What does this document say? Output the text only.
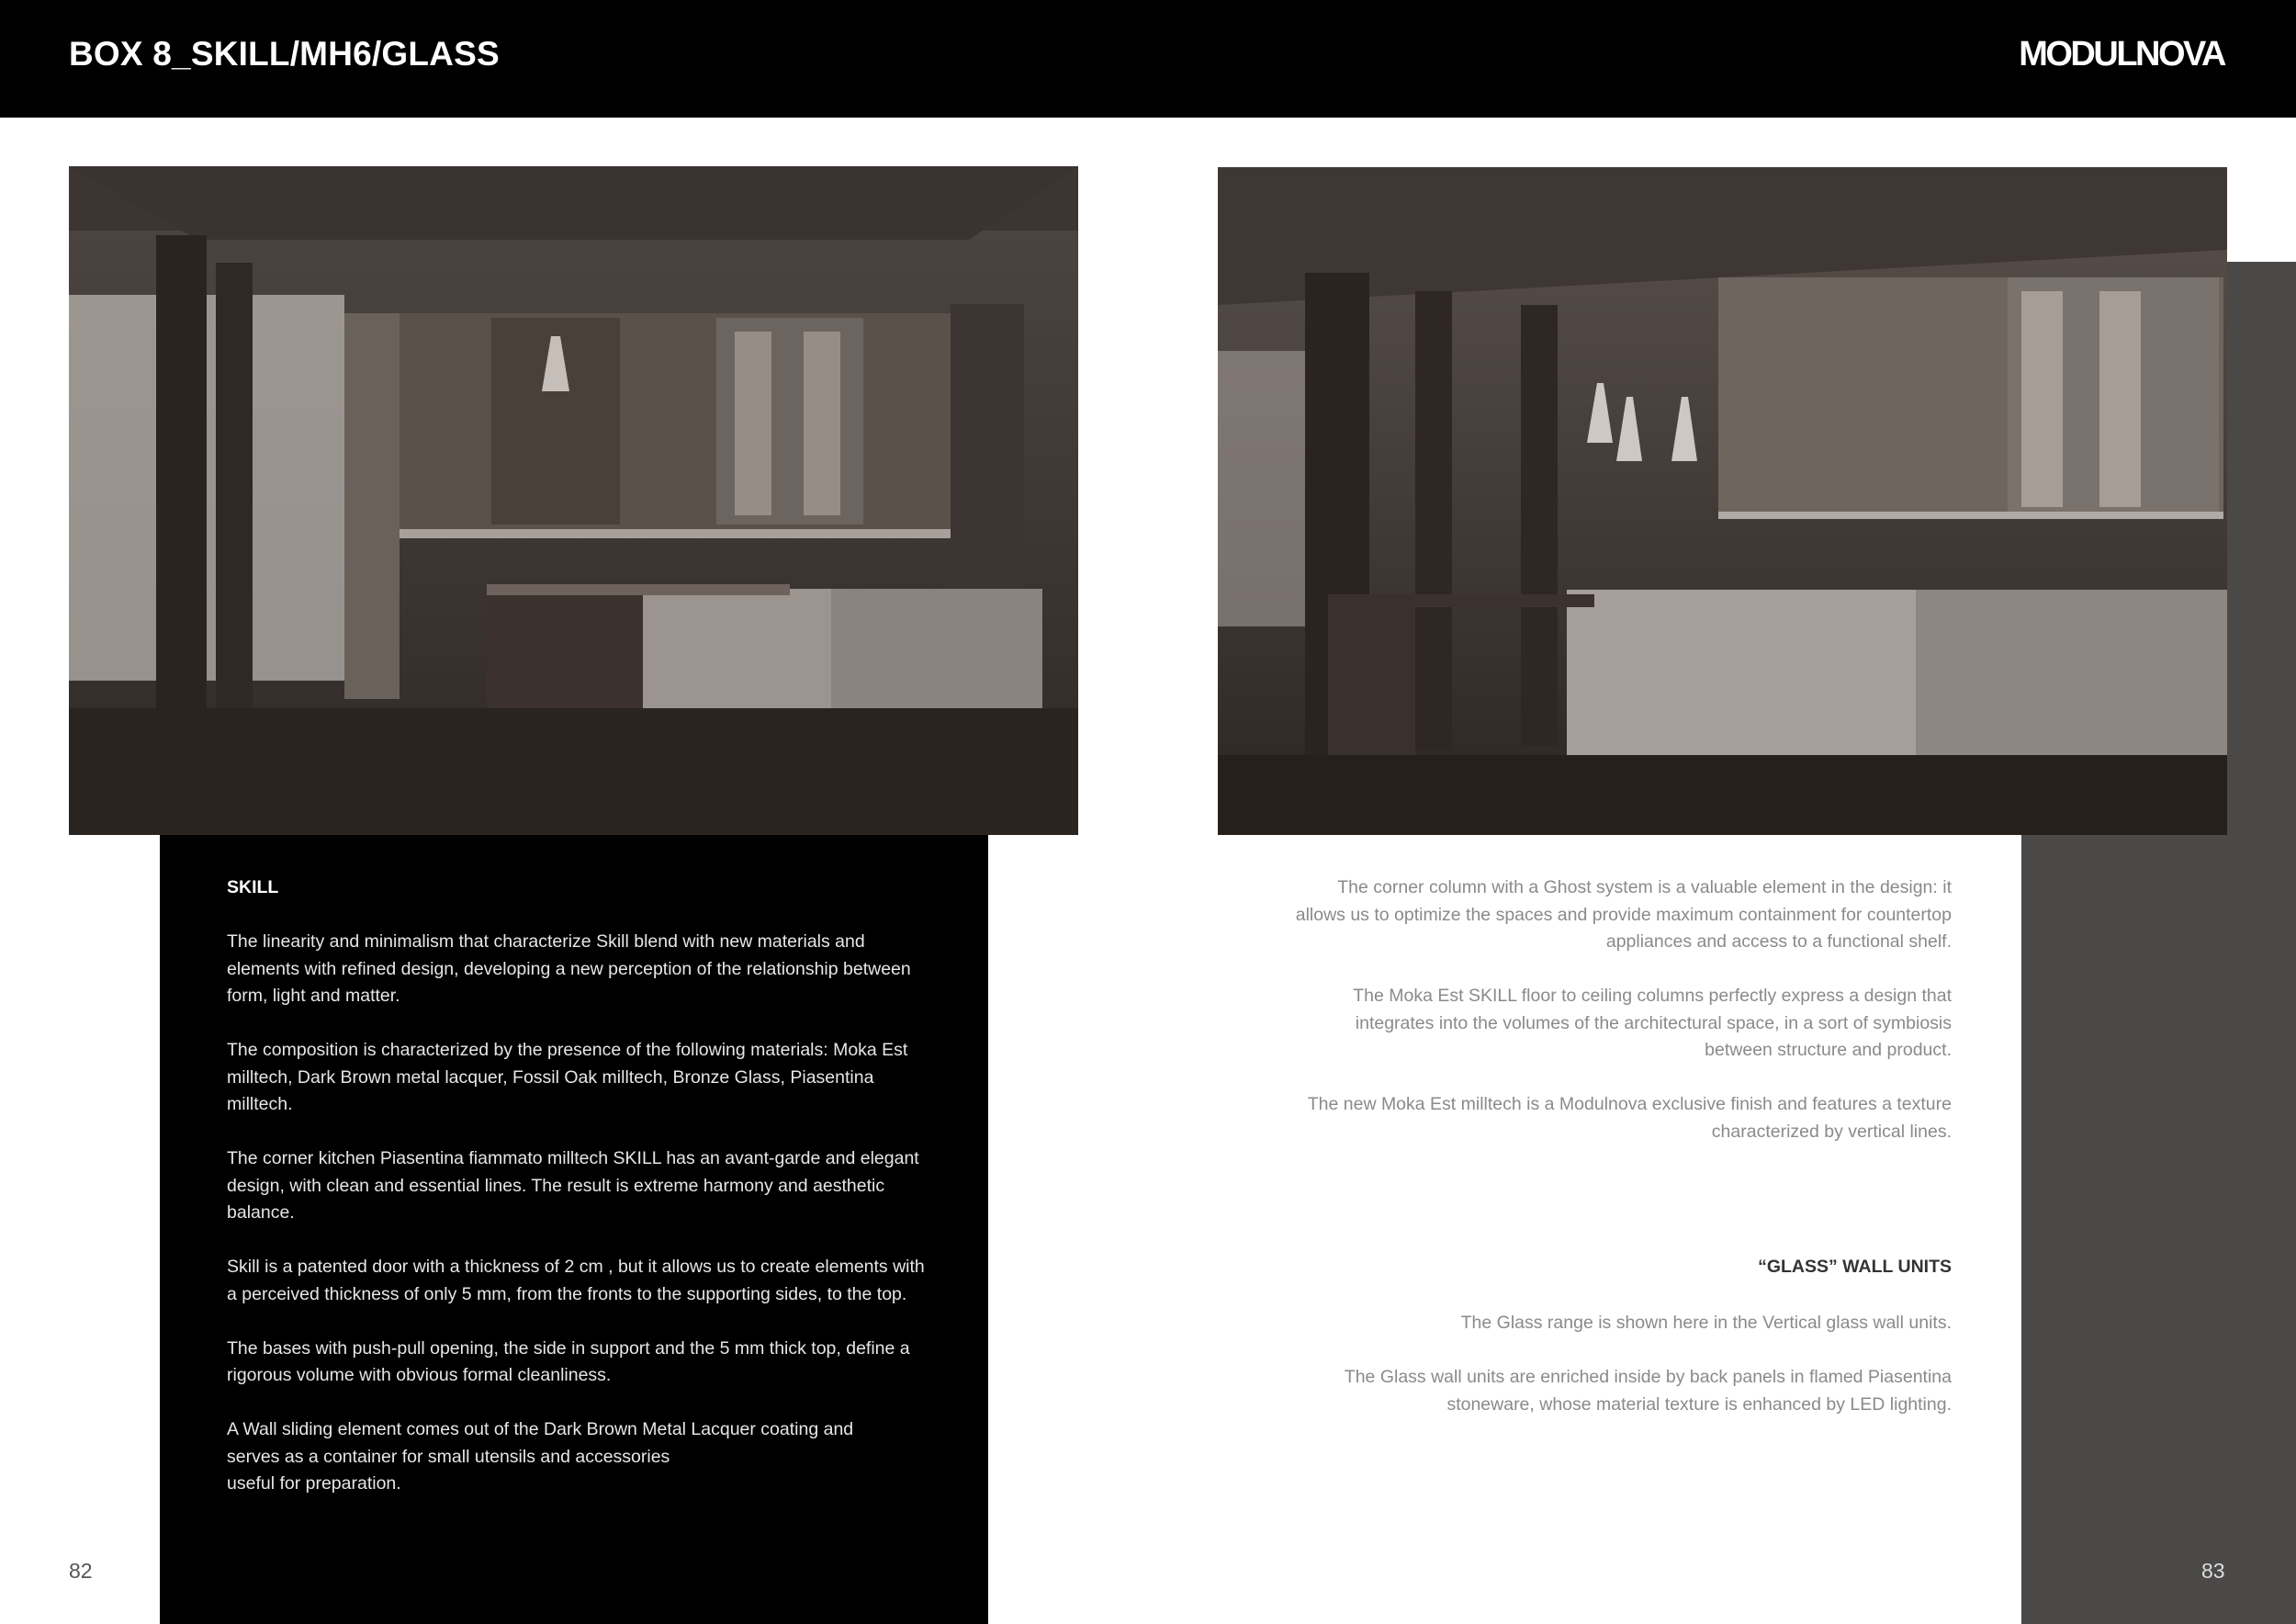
BOX 8_SKILL/MH6/GLASS	MODULNOVA

SKILL

The linearity and minimalism that characterize Skill blend with new materials and elements with refined design, developing a new perception of the relationship between form, light and matter.

The composition is characterized by the presence of the following materials: Moka Est milltech, Dark Brown metal lacquer, Fossil Oak milltech, Bronze Glass, Piasentina milltech.

The corner kitchen Piasentina fiammato milltech SKILL has an avant-garde and elegant design, with clean and essential lines. The result is extreme harmony and aesthetic balance.

Skill is a patented door with a thickness of 2 cm , but it allows us to create elements with a perceived thickness of only 5 mm, from the fronts to the supporting sides, to the top.

The bases with push-pull opening, the side in support and the 5 mm thick top, define a rigorous volume with obvious formal cleanliness.

A Wall sliding element comes out of the Dark Brown Metal Lacquer coating and
serves as a container for small utensils and accessories
useful for preparation.

The corner column with a Ghost system is a valuable element in the design: it allows us to optimize the spaces and provide maximum containment for countertop appliances and access to a functional shelf.

The Moka Est SKILL floor to ceiling columns perfectly express a design that integrates into the volumes of the architectural space, in a sort of symbiosis between structure and product.

The new Moka Est milltech is a Modulnova exclusive finish and features a texture characterized by vertical lines.

“GLASS” WALL UNITS

The Glass range is shown here in the Vertical glass wall units.

The Glass wall units are enriched inside by back panels in flamed Piasentina stoneware, whose material texture is enhanced by LED lighting.

82	83
